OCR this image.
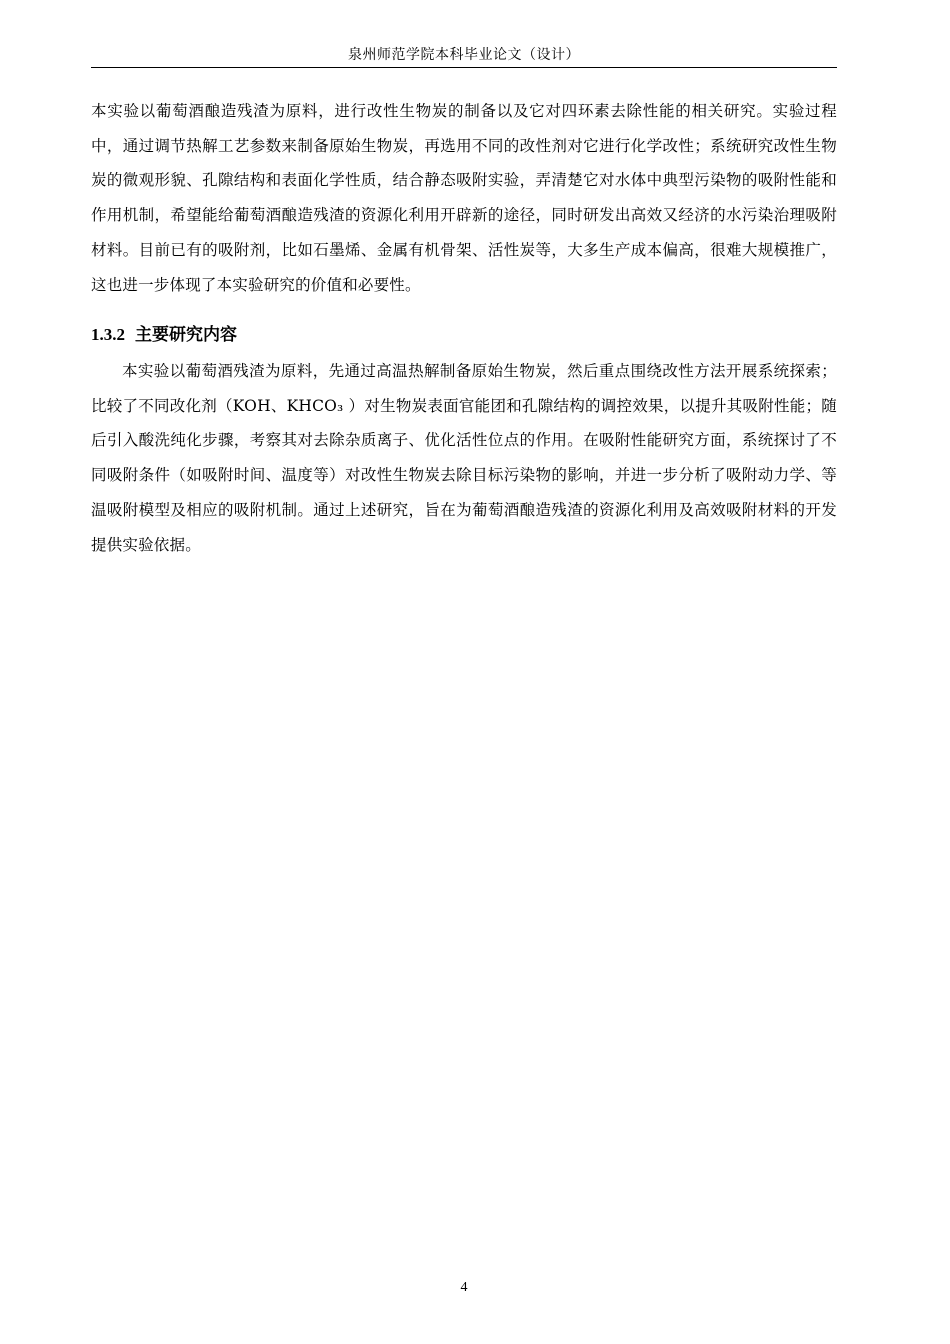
泉州师范学院本科毕业论文（设计）

本实验以葡萄酒酿造残渣为原料，进行改性生物炭的制备以及它对四环素去除性能的相关研究。实验过程中，通过调节热解工艺参数来制备原始生物炭，再选用不同的改性剂对它进行化学改性；系统研究改性生物炭的微观形貌、孔隙结构和表面化学性质，结合静态吸附实验，弄清楚它对水体中典型污染物的吸附性能和作用机制，希望能给葡萄酒酿造残渣的资源化利用开辟新的途径，同时研发出高效又经济的水污染治理吸附材料。目前已有的吸附剂，比如石墨烯、金属有机骨架、活性炭等，大多生产成本偏高，很难大规模推广，这也进一步体现了本实验研究的价值和必要性。

1.3.2 主要研究内容

本实验以葡萄酒残渣为原料，先通过高温热解制备原始生物炭，然后重点围绕改性方法开展系统探索；比较了不同改化剂（KOH、KHCO₃ ）对生物炭表面官能团和孔隙结构的调控效果，以提升其吸附性能；随后引入酸洗纯化步骤，考察其对去除杂质离子、优化活性位点的作用。在吸附性能研究方面，系统探讨了不同吸附条件（如吸附时间、温度等）对改性生物炭去除目标污染物的影响，并进一步分析了吸附动力学、等温吸附模型及相应的吸附机制。通过上述研究，旨在为葡萄酒酿造残渣的资源化利用及高效吸附材料的开发提供实验依据。

4
